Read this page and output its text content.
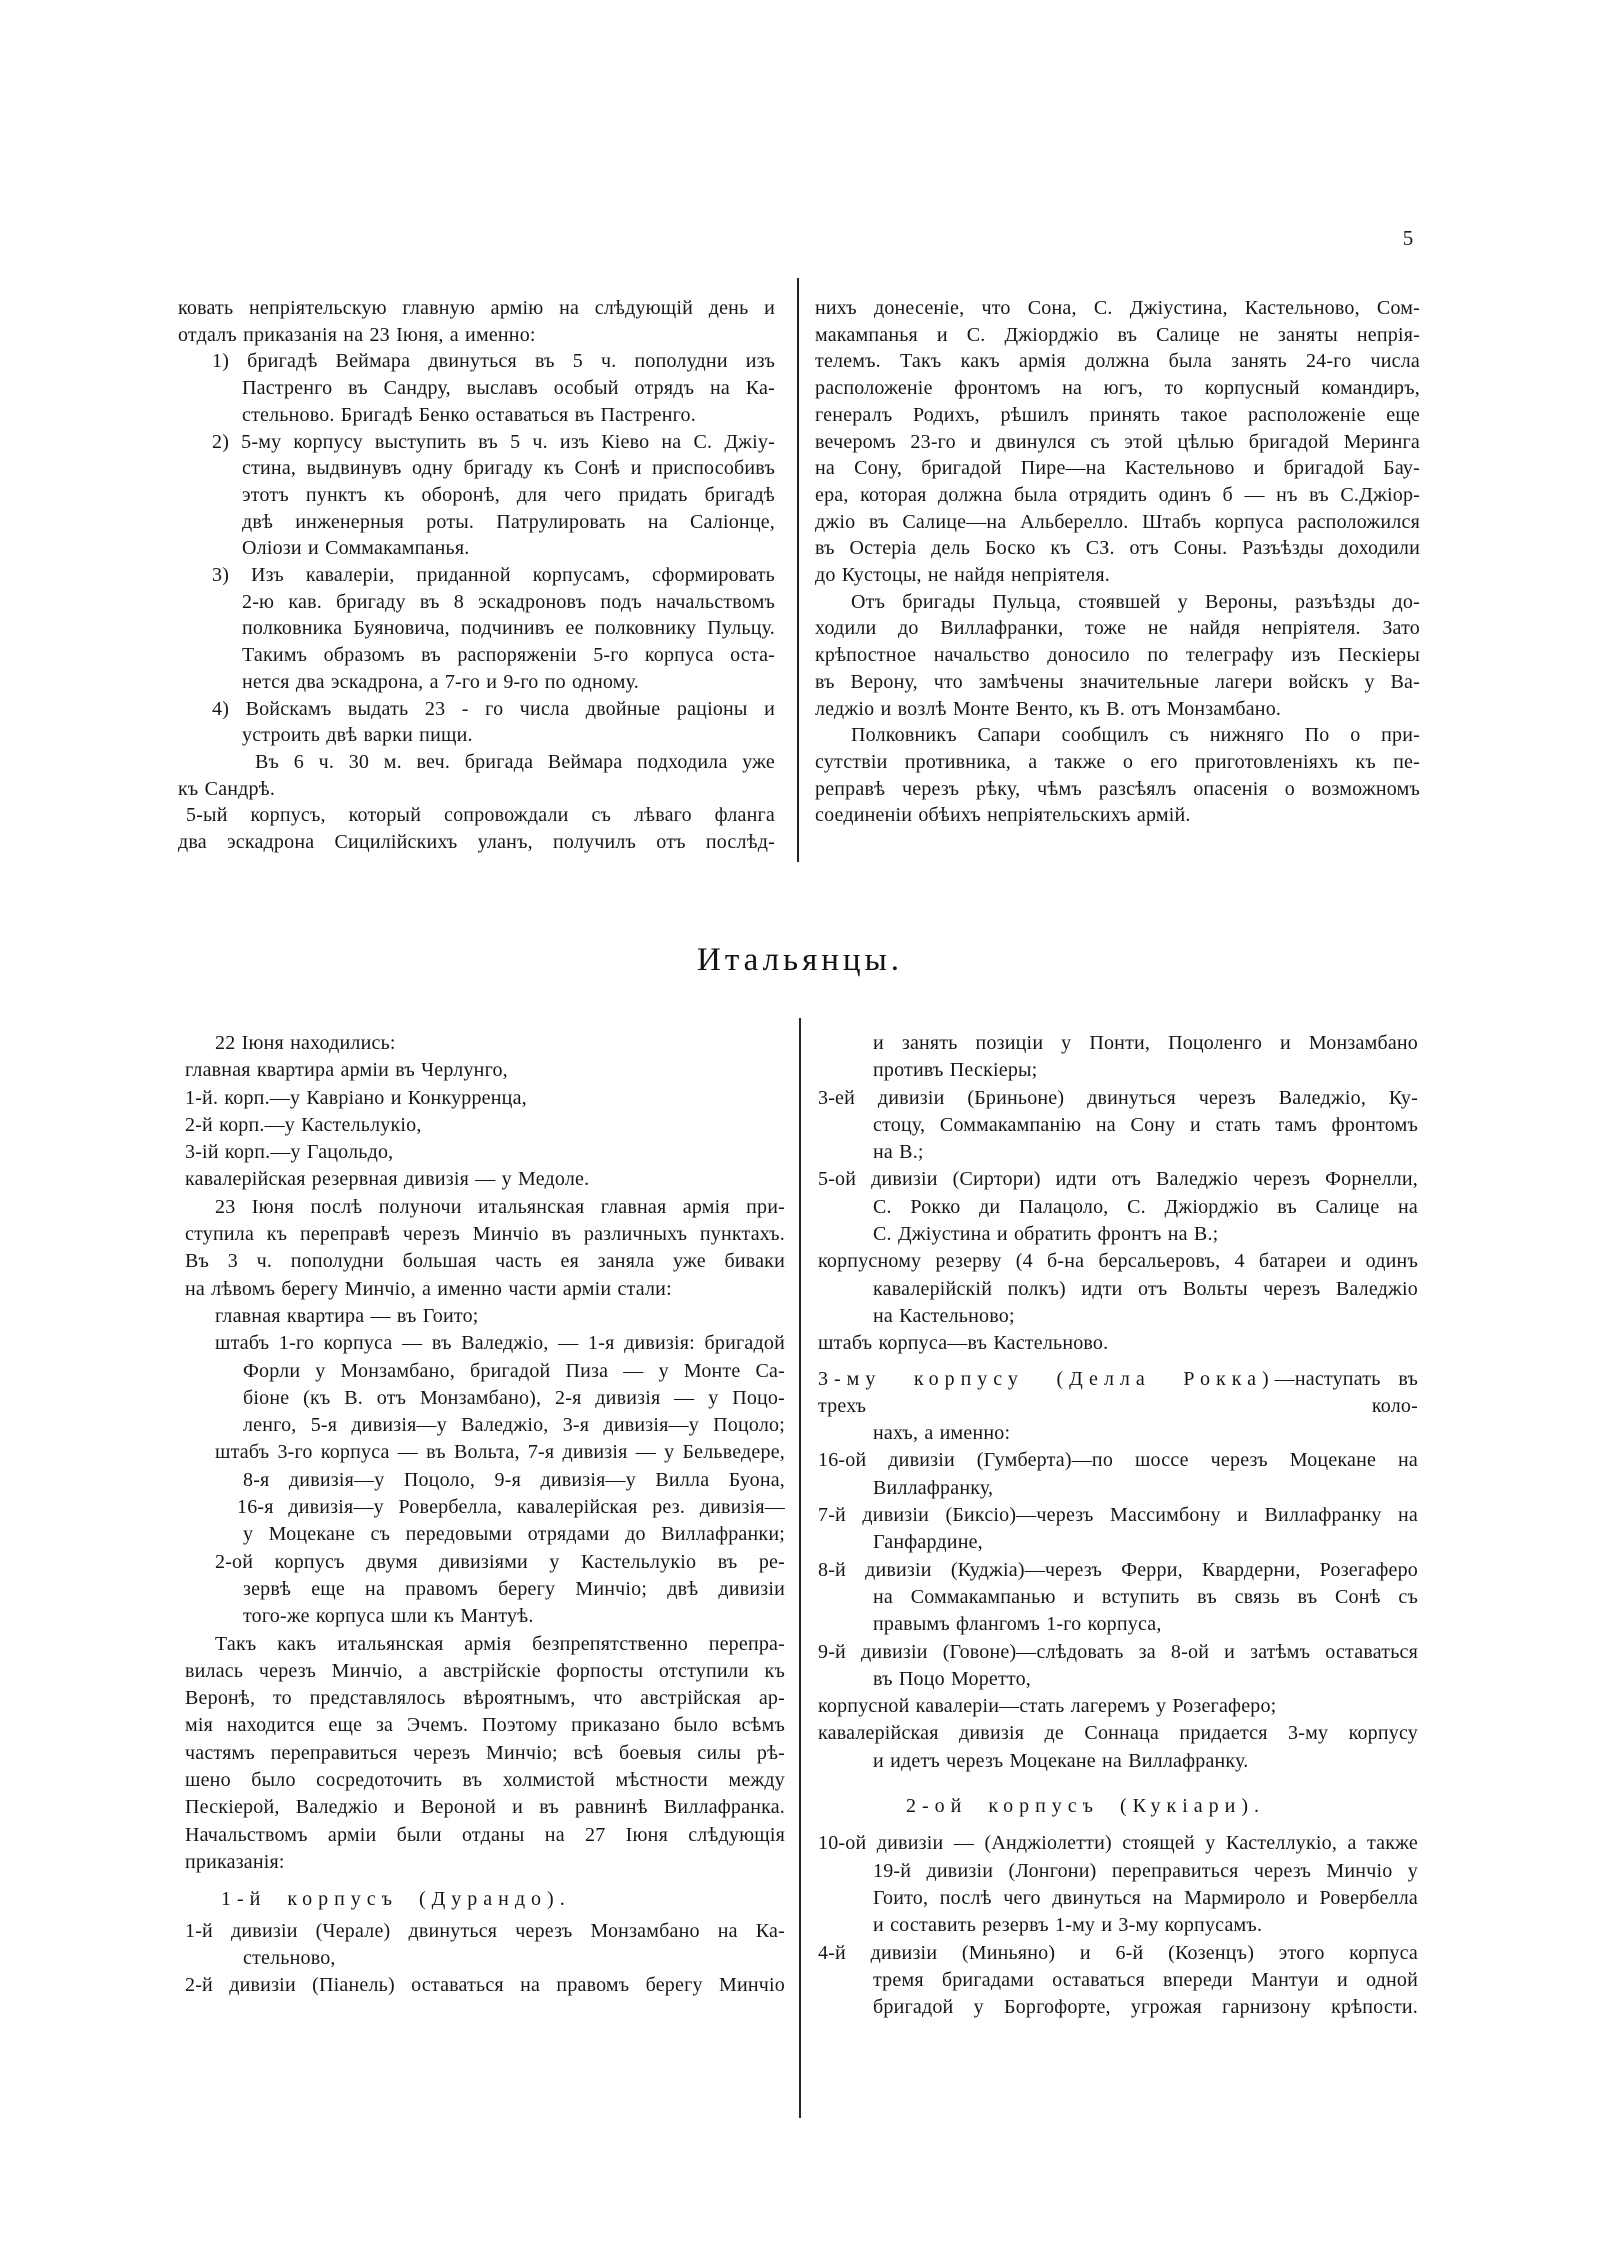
5
ковать непріятельскую главную армію на слѣдующій день и
отдалъ приказанія на 23 Іюня, а именно:
1) бригадѣ Веймара двинуться въ 5 ч. пополудни изъ
Пастренго въ Сандру, выславъ особый отрядъ на Ка-
стельново. Бригадѣ Бенко оставаться въ Пастренго.
2) 5-му корпусу выступить въ 5 ч. изъ Кіево на С. Джіу-
стина, выдвинувъ одну бригаду къ Сонѣ и приспособивъ
этотъ пунктъ къ оборонѣ, для чего придать бригадѣ
двѣ инженерныя роты. Патрулировать на Саліонце,
Оліози и Соммакампанья.
3) Изъ кавалеріи, приданной корпусамъ, сформировать
2-ю кав. бригаду въ 8 эскадроновъ подъ начальствомъ
полковника Буяновича, подчинивъ ее полковнику Пульцу.
Такимъ образомъ въ распоряженіи 5-го корпуса оста-
нется два эскадрона, а 7-го и 9-го по одному.
4) Войскамъ выдать 23 - го числа двойные раціоны и
устроить двѣ варки пищи.
Въ 6 ч. 30 м. веч. бригада Веймара подходила уже
къ Сандрѣ.
5-ый корпусъ, который сопровождали съ лѣваго фланга
два эскадрона Сицилійскихъ уланъ, получилъ отъ послѣд-
нихъ донесеніе, что Сона, С. Джіустина, Кастельново, Сом-
макампанья и С. Джіорджіо въ Салице не заняты непрія-
телемъ. Такъ какъ армія должна была занять 24-го числа
расположеніе фронтомъ на югъ, то корпусный командиръ,
генералъ Родихъ, рѣшилъ принять такое расположеніе еще
вечеромъ 23-го и двинулся съ этой цѣлью бригадой Меринга
на Сону, бригадой Пире—на Кастельново и бригадой Бау-
ера, которая должна была отрядить одинъ б — нъ въ С.Джіор-
джіо въ Салице—на Альберелло. Штабъ корпуса расположился
въ Остеріа дель Боско къ СЗ. отъ Соны. Разъѣзды доходили
до Кустоцы, не найдя непріятеля.
Отъ бригады Пульца, стоявшей у Вероны, разъѣзды до-
ходили до Виллафранки, тоже не найдя непріятеля. Зато
крѣпостное начальство доносило по телеграфу изъ Пескіеры
въ Верону, что замѣчены значительные лагери войскъ у Ва-
леджіо и возлѣ Монте Венто, къ В. отъ Монзамбано.
Полковникъ Сапари сообщилъ съ нижняго По о при-
сутствіи противника, а также о его приготовленіяхъ къ пе-
реправѣ черезъ рѣку, чѣмъ разсѣялъ опасенія о возможномъ
соединеніи обѣихъ непріятельскихъ армій.
Итальянцы.
22 Іюня находились:
главная квартира арміи въ Черлунго,
1-й. корп.—у Кавріано и Конкурренца,
2-й корп.—у Кастельлукіо,
3-ій корп.—у Гацольдо,
кавалерійская резервная дивизія — у Медоле.
23 Іюня послѣ полуночи итальянская главная армія при-
ступила къ переправѣ черезъ Минчіо въ различныхъ пунктахъ.
Въ 3 ч. пополудни большая часть ея заняла уже биваки
на лѣвомъ берегу Минчіо, а именно части арміи стали:
главная квартира — въ Гоито;
штабъ 1-го корпуса — въ Валеджіо, — 1-я дивизія: бригадой
Форли у Монзамбано, бригадой Пиза — у Монте Са-
біоне (къ В. отъ Монзамбано), 2-я дивизія — у Поцо-
ленго, 5-я дивизія—у Валеджіо, 3-я дивизія—у Поцоло;
штабъ 3-го корпуса — въ Вольта, 7-я дивизія — у Бельведере,
8-я дивизія—у Поцоло, 9-я дивизія—у Вилла Буона,
16-я дивизія—у Ровербелла, кавалерійская рез. дивизія—
у Моцекане съ передовыми отрядами до Виллафранки;
2-ой корпусъ двумя дивизіями у Кастельлукіо въ ре-
зервѣ еще на правомъ берегу Минчіо; двѣ дивизіи
того-же корпуса шли къ Мантуѣ.
Такъ какъ итальянская армія безпрепятственно перепра-
вилась черезъ Минчіо, а австрійскіе форпосты отступили къ
Веронѣ, то представлялось вѣроятнымъ, что австрійская ар-
мія находится еще за Эчемъ. Поэтому приказано было всѣмъ
частямъ переправиться черезъ Минчіо; всѣ боевыя силы рѣ-
шено было сосредоточить въ холмистой мѣстности между
Пескіерой, Валеджіо и Вероной и въ равнинѣ Виллафранка.
Начальствомъ арміи были отданы на 27 Іюня слѣдующія
приказанія:
1-й корпусъ (Дурандо).
1-й дивизіи (Черале) двинуться черезъ Монзамбано на Ка-
стельново,
2-й дивизіи (Піанель) оставаться на правомъ берегу Минчіо
и занять позиціи у Понти, Поцоленго и Монзамбано
противъ Пескіеры;
3-ей дивизіи (Бриньоне) двинуться черезъ Валеджіо, Ку-
стоцу, Соммакампанію на Сону и стать тамъ фронтомъ
на В.;
5-ой дивизіи (Сиртори) идти отъ Валеджіо черезъ Форнелли,
С. Рокко ди Палацоло, С. Джіорджіо въ Салице на
С. Джіустина и обратить фронтъ на В.;
корпусному резерву (4 б-на берсальеровъ, 4 батареи и одинъ
кавалерійскій полкъ) идти отъ Вольты черезъ Валеджіо
на Кастельново;
штабъ корпуса—въ Кастельново.
3-му корпусу (Делла Рокка)—наступать въ трехъ коло-
нахъ, а именно:
16-ой дивизіи (Гумберта)—по шоссе черезъ Моцекане на
Виллафранку,
7-й дивизіи (Биксіо)—черезъ Массимбону и Виллафранку на
Ганфардине,
8-й дивизіи (Куджіа)—черезъ Ферри, Квардерни, Розегаферо
на Соммакампанью и вступить въ связь въ Сонѣ съ
правымъ флангомъ 1-го корпуса,
9-й дивизіи (Говоне)—слѣдовать за 8-ой и затѣмъ оставаться
въ Поцо Моретто,
корпусной кавалеріи—стать лагеремъ у Розегаферо;
кавалерійская дивизія де Соннаца придается 3-му корпусу
и идетъ черезъ Моцекане на Виллафранку.
2-ой корпусъ (Кукіари).
10-ой дивизіи — (Анджіолетти) стоящей у Кастеллукіо, а также
19-й дивизіи (Лонгони) переправиться черезъ Минчіо у
Гоито, послѣ чего двинуться на Мармироло и Ровербелла
и составить резервъ 1-му и 3-му корпусамъ.
4-й дивизіи (Миньяно) и 6-й (Козенцъ) этого корпуса
тремя бригадами оставаться впереди Мантуи и одной
бригадой у Боргофорте, угрожая гарнизону крѣпости.
